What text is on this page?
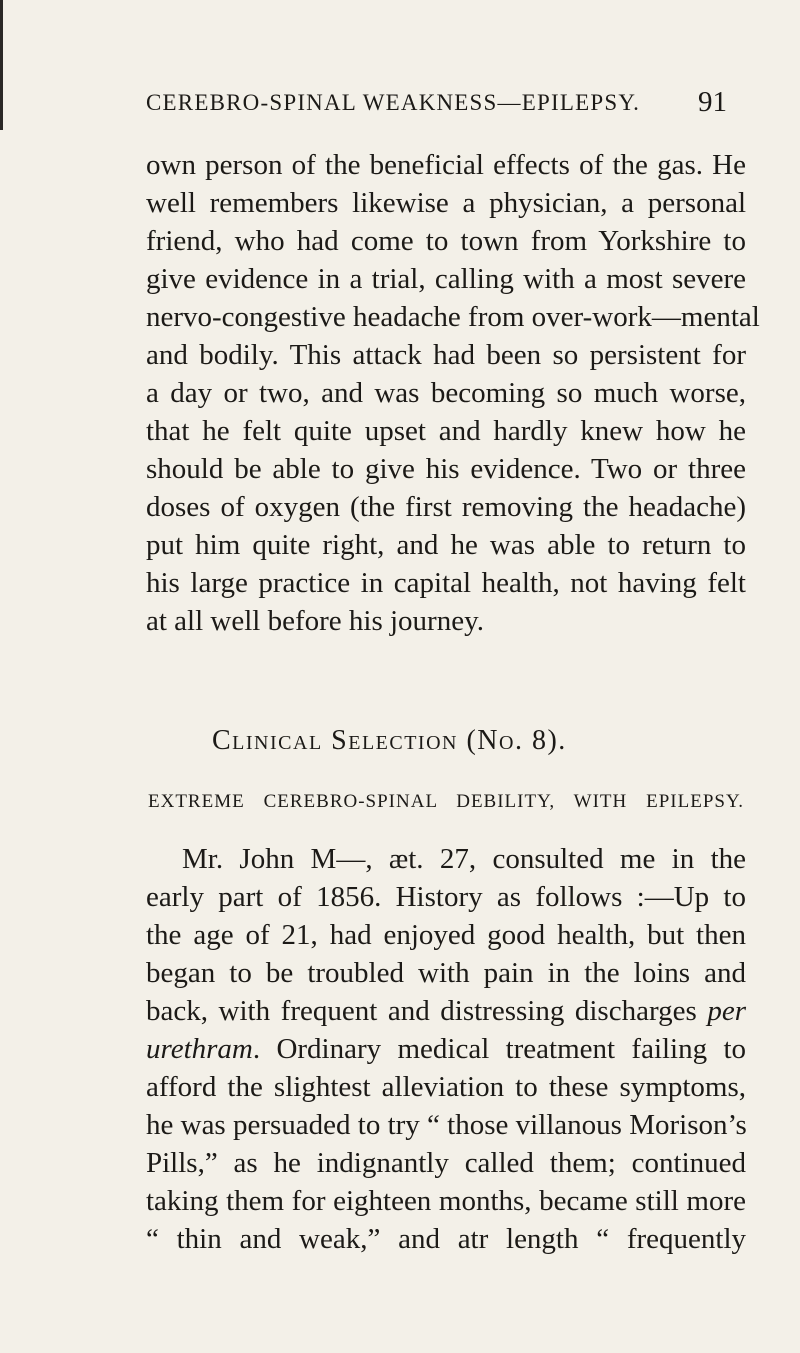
CEREBRO-SPINAL WEAKNESS—EPILEPSY.	91
own person of the beneficial effects of the gas. He
well remembers likewise a physician, a personal
friend, who had come to town from Yorkshire to
give evidence in a trial, calling with a most severe
nervo-congestive headache from over-work—mental
and bodily. This attack had been so persistent for
a day or two, and was becoming so much worse,
that he felt quite upset and hardly knew how he
should be able to give his evidence. Two or three
doses of oxygen (the first removing the headache)
put him quite right, and he was able to return to
his large practice in capital health, not having felt
at all well before his journey.
Clinical Selection (No. 8).
EXTREME CEREBRO-SPINAL DEBILITY, WITH EPILEPSY.
Mr. John M—, æt. 27, consulted me in the
early part of 1856. History as follows :—Up to
the age of 21, had enjoyed good health, but then
began to be troubled with pain in the loins and
back, with frequent and distressing discharges per
urethram. Ordinary medical treatment failing to
afford the slightest alleviation to these symptoms,
he was persuaded to try “ those villanous Morison’s
Pills,” as he indignantly called them; continued
taking them for eighteen months, became still more
“ thin and weak,” and atr length “ frequently
